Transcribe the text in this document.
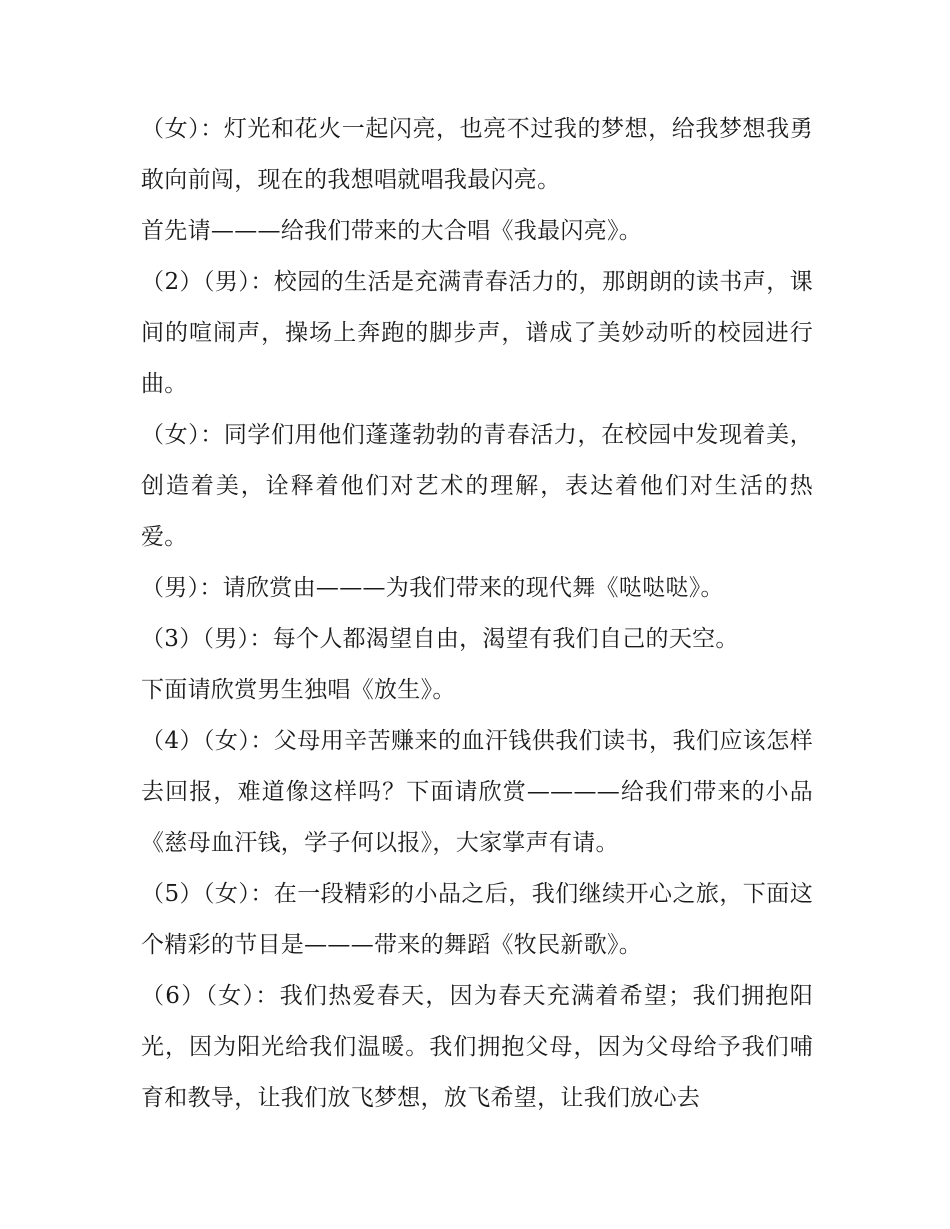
（女）：灯光和花火一起闪亮，也亮不过我的梦想，给我梦想我勇敢向前闯，现在的我想唱就唱我最闪亮。

首先请———给我们带来的大合唱《我最闪亮》。

（2）（男）：校园的生活是充满青春活力的，那朗朗的读书声，课间的喧闹声，操场上奔跑的脚步声，谱成了美妙动听的校园进行曲。

（女）：同学们用他们蓬蓬勃勃的青春活力，在校园中发现着美，创造着美，诠释着他们对艺术的理解，表达着他们对生活的热爱。

（男）：请欣赏由———为我们带来的现代舞《哒哒哒》。

（3）（男）：每个人都渴望自由，渴望有我们自己的天空。

下面请欣赏男生独唱《放生》。

（4）（女）：父母用辛苦赚来的血汗钱供我们读书，我们应该怎样去回报，难道像这样吗？下面请欣赏————给我们带来的小品《慈母血汗钱，学子何以报》，大家掌声有请。

（5）（女）：在一段精彩的小品之后，我们继续开心之旅，下面这个精彩的节目是———带来的舞蹈《牧民新歌》。

（6）（女）：我们热爱春天，因为春天充满着希望；我们拥抱阳光，因为阳光给我们温暖。我们拥抱父母，因为父母给予我们哺育和教导，让我们放飞梦想，放飞希望，让我们放心去
